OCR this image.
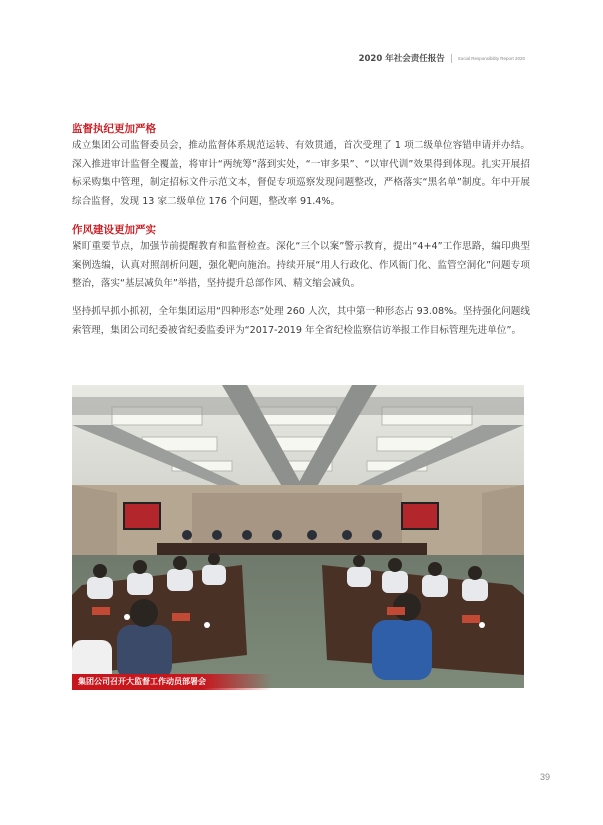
2020 年社会责任报告	Social Responsibility Report 2020
监督执纪更加严格

成立集团公司监督委员会，推动监督体系规范运转、有效贯通，首次受理了 1 项二级单位容错申请并办结。深入推进审计监督全覆盖，将审计“两统筹”落到实处，“一审多果”、“以审代训”效果得到体现。扎实开展招标采购集中管理，制定招标文件示范文本，督促专项巡察发现问题整改，严格落实“黑名单”制度。年中开展综合监督，发现 13 家二级单位 176 个问题，整改率 91.4%。

作风建设更加严实

紧盯重要节点，加强节前提醒教育和监督检查。深化“三个以案”警示教育，提出“4+4”工作思路，编印典型案例选编，认真对照剖析问题，强化靶向施治。持续开展“用人行政化、作风衙门化、监管空洞化”问题专项整治，落实“基层减负年”举措，坚持提升总部作风、精文缩会减负。

坚持抓早抓小抓初，全年集团运用“四种形态”处理 260 人次，其中第一种形态占 93.08%。坚持强化问题线索管理，集团公司纪委被省纪委监委评为“2017-2019 年全省纪检监察信访举报工作目标管理先进单位”。

集团公司召开大监督工作动员部署会
39
